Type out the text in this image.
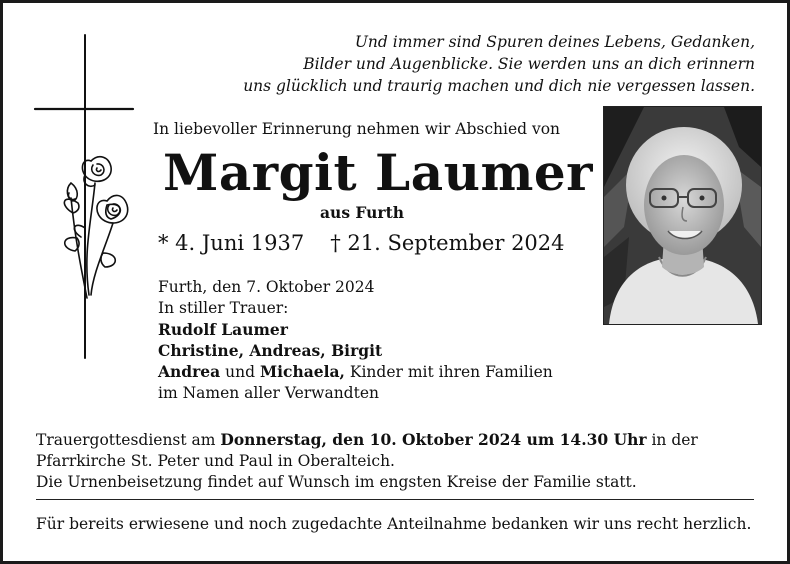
Und immer sind Spuren deines Lebens, Gedanken,
Bilder und Augenblicke. Sie werden uns an dich erinnern
uns glücklich und traurig machen und dich nie vergessen lassen.
In liebevoller Erinnerung nehmen wir Abschied von
Margit Laumer
aus Furth
* 4. Juni 1937 † 21. September 2024
Furth, den 7. Oktober 2024
In stiller Trauer:
Rudolf Laumer
Christine, Andreas, Birgit
Andrea und Michaela, Kinder mit ihren Familien
im Namen aller Verwandten
Trauergottesdienst am Donnerstag, den 10. Oktober 2024 um 14.30 Uhr in der
Pfarrkirche St. Peter und Paul in Oberalteich.
Die Urnenbeisetzung findet auf Wunsch im engsten Kreise der Familie statt.
Für bereits erwiesene und noch zugedachte Anteilnahme bedanken wir uns recht herzlich.
